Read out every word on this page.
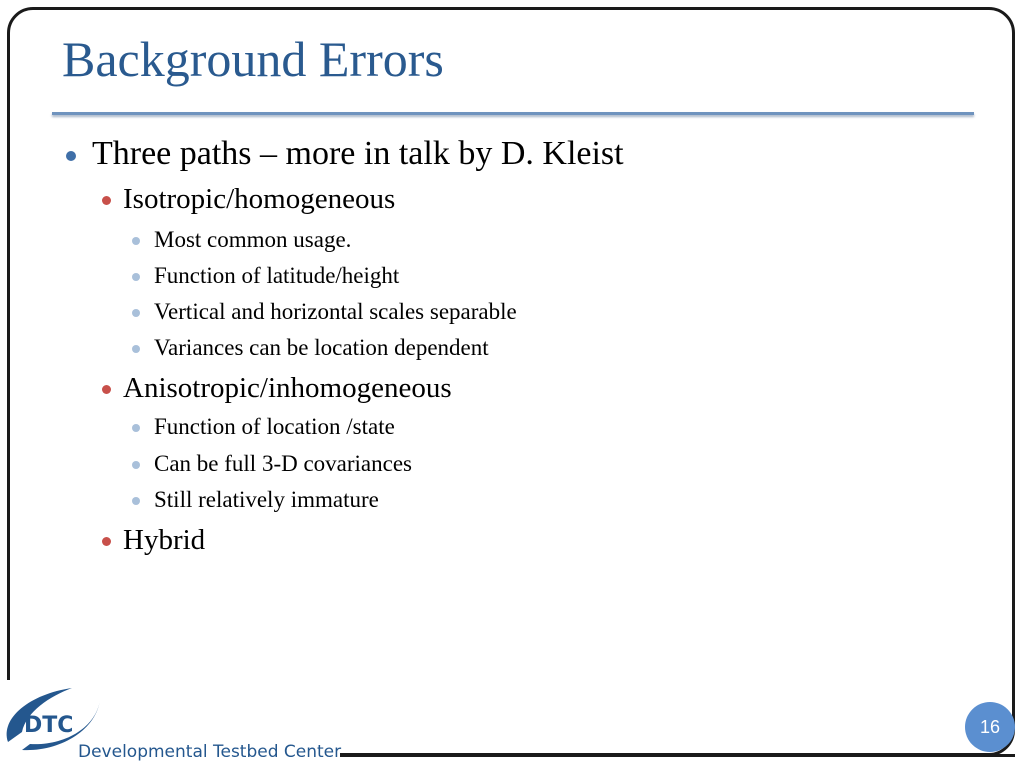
Background Errors
Three paths – more in talk by D. Kleist
Isotropic/homogeneous
Most common usage.
Function of latitude/height
Vertical and horizontal scales separable
Variances can be location dependent
Anisotropic/inhomogeneous
Function of location /state
Can be full 3-D covariances
Still relatively immature
Hybrid
DTC
Developmental Testbed Center
16
